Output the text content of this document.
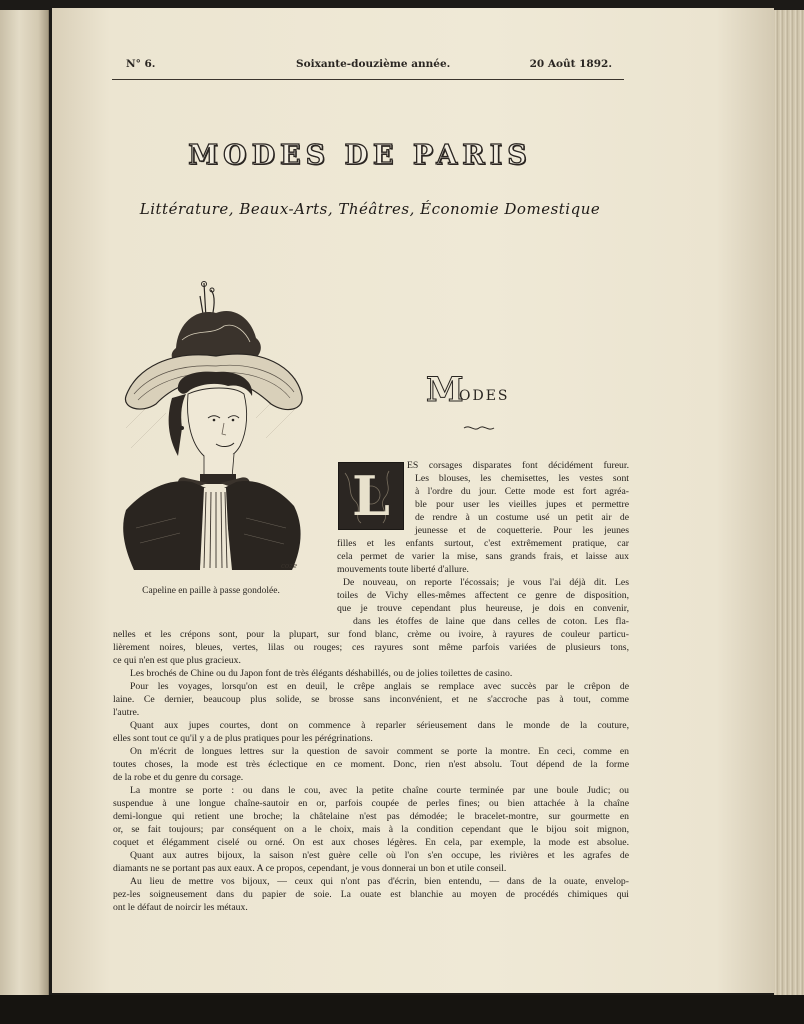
N° 6.	Soixante-douzième année.	20 Août 1892.
MODES DE PARIS
Littérature, Beaux-Arts, Théâtres, Économie Domestique
coze
Capeline en paille à passe gondolée.
M
ODES
L	ES corsages disparates font décidément fureur.

Les blouses, les chemisettes, les vestes sont

à l'ordre du jour. Cette mode est fort agréa-

ble pour user les vieilles jupes et permettre

de rendre à un costume usé un petit air de

jeunesse et de coquetterie. Pour les jeunes

filles et les enfants surtout, c'est extrêmement pratique, car

cela permet de varier la mise, sans grands frais, et laisse aux

mouvements toute liberté d'allure.

De nouveau, on reporte l'écossais; je vous l'ai déjà dit. Les

toiles de Vichy elles-mêmes affectent ce genre de disposition,

que je trouve cependant plus heureuse, je dois en convenir,

dans les étoffes de laine que dans celles de coton. Les fla-

nelles et les crépons sont, pour la plupart, sur fond blanc, crème ou ivoire, à rayures de couleur particu-

lièrement noires, bleues, vertes, lilas ou rouges; ces rayures sont même parfois variées de plusieurs tons,

ce qui n'en est que plus gracieux.

Les brochés de Chine ou du Japon font de très élégants déshabillés, ou de jolies toilettes de casino.

Pour les voyages, lorsqu'on est en deuil, le crêpe anglais se remplace avec succès par le crêpon de

laine. Ce dernier, beaucoup plus solide, se brosse sans inconvénient, et ne s'accroche pas à tout, comme

l'autre.

Quant aux jupes courtes, dont on commence à reparler sérieusement dans le monde de la couture,

elles sont tout ce qu'il y a de plus pratiques pour les pérégrinations.

On m'écrit de longues lettres sur la question de savoir comment se porte la montre. En ceci, comme en

toutes choses, la mode est très éclectique en ce moment. Donc, rien n'est absolu. Tout dépend de la forme

de la robe et du genre du corsage.

La montre se porte : ou dans le cou, avec la petite chaîne courte terminée par une boule Judic; ou

suspendue à une longue chaîne-sautoir en or, parfois coupée de perles fines; ou bien attachée à la chaîne

demi-longue qui retient une broche; la châtelaine n'est pas démodée; le bracelet-montre, sur gourmette en

or, se fait toujours; par conséquent on a le choix, mais à la condition cependant que le bijou soit mignon,

coquet et élégamment ciselé ou orné. On est aux choses légères. En cela, par exemple, la mode est absolue.

Quant aux autres bijoux, la saison n'est guère celle où l'on s'en occupe, les rivières et les agrafes de

diamants ne se portant pas aux eaux. A ce propos, cependant, je vous donnerai un bon et utile conseil.

Au lieu de mettre vos bijoux, — ceux qui n'ont pas d'écrin, bien entendu, — dans de la ouate, envelop-

pez-les soigneusement dans du papier de soie. La ouate est blanchie au moyen de procédés chimiques qui

ont le défaut de noircir les métaux.
